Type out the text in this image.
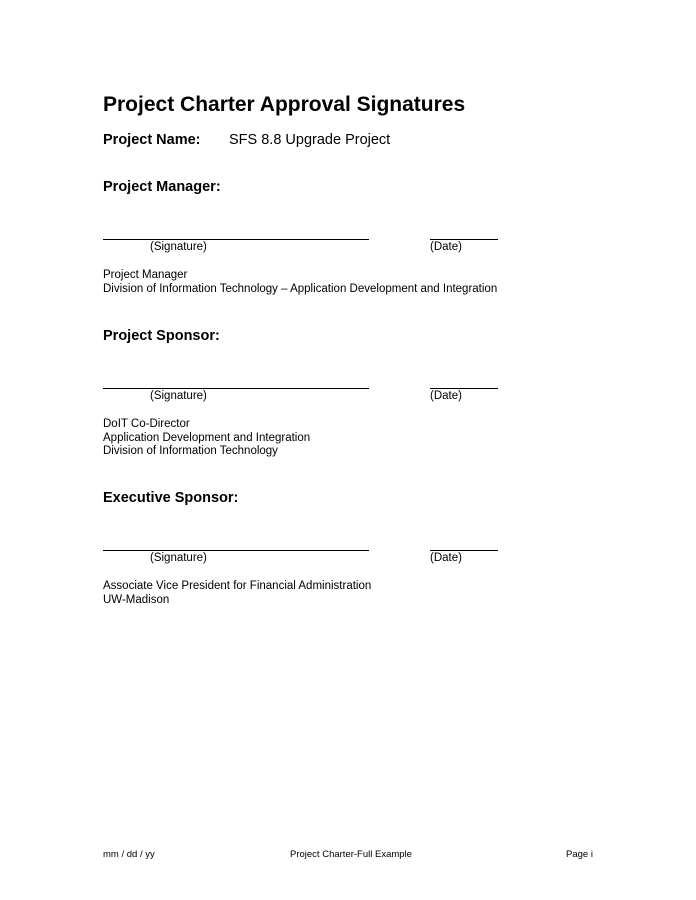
Project Charter Approval Signatures
Project Name: SFS 8.8 Upgrade Project
Project Manager:
(Signature)	(Date)
Project Manager
Division of Information Technology – Application Development and Integration
Project Sponsor:
(Signature)	(Date)
DoIT Co-Director
Application Development and Integration
Division of Information Technology
Executive Sponsor:
(Signature)	(Date)
Associate Vice President for Financial Administration
UW-Madison
mm / dd / yy	Project Charter-Full Example	Page i
